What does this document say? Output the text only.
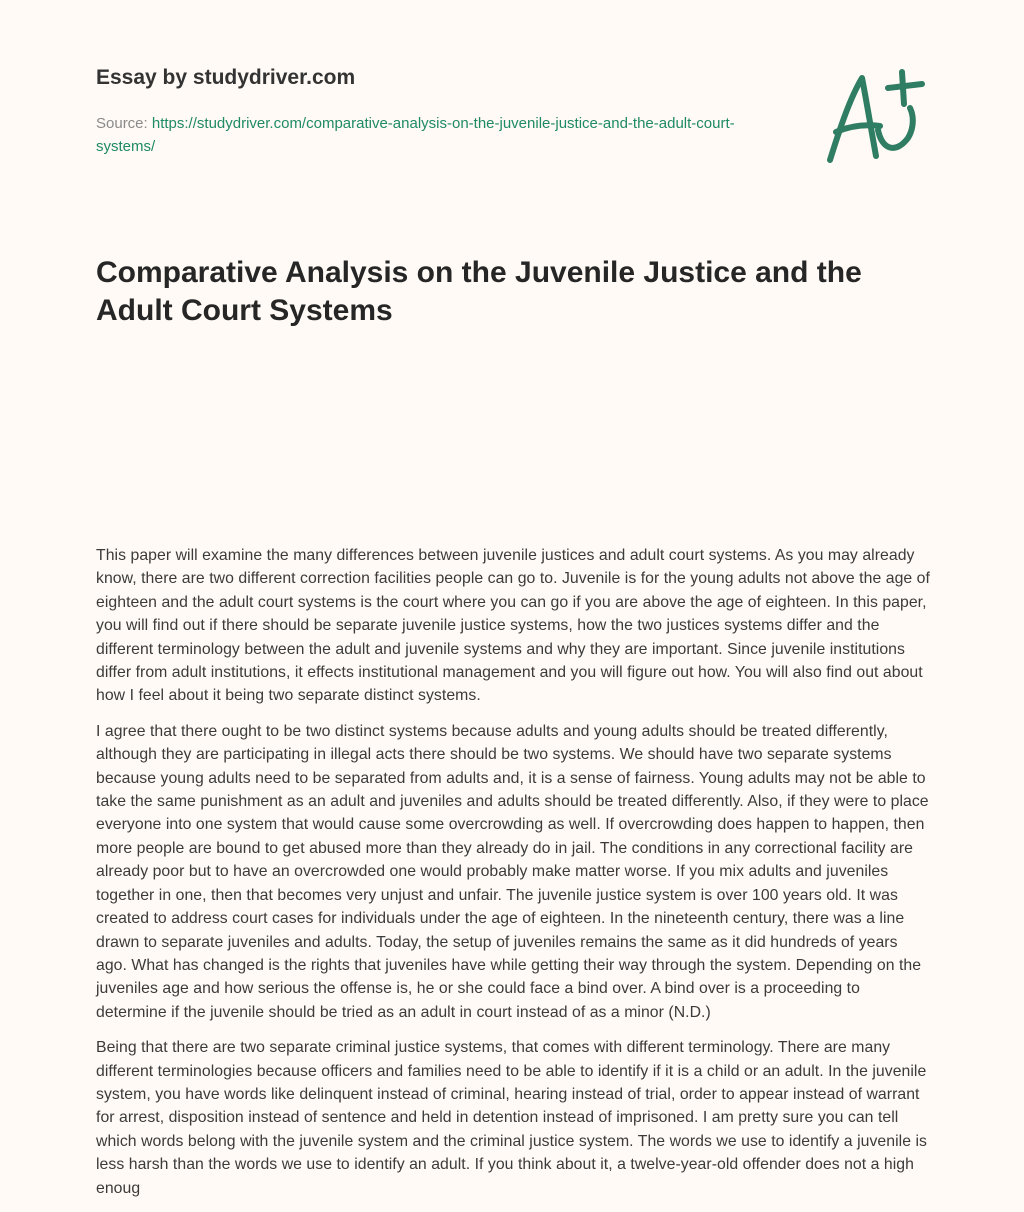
Essay by studydriver.com
Source: https://studydriver.com/comparative-analysis-on-the-juvenile-justice-and-the-adult-court-systems/
Comparative Analysis on the Juvenile Justice and the Adult Court Systems

This paper will examine the many differences between juvenile justices and adult court systems. As you may already know, there are two different correction facilities people can go to. Juvenile is for the young adults not above the age of eighteen and the adult court systems is the court where you can go if you are above the age of eighteen. In this paper, you will find out if there should be separate juvenile justice systems, how the two justices systems differ and the different terminology between the adult and juvenile systems and why they are important. Since juvenile institutions differ from adult institutions, it effects institutional management and you will figure out how. You will also find out about how I feel about it being two separate distinct systems.

I agree that there ought to be two distinct systems because adults and young adults should be treated differently, although they are participating in illegal acts there should be two systems. We should have two separate systems because young adults need to be separated from adults and, it is a sense of fairness. Young adults may not be able to take the same punishment as an adult and juveniles and adults should be treated differently. Also, if they were to place everyone into one system that would cause some overcrowding as well. If overcrowding does happen to happen, then more people are bound to get abused more than they already do in jail. The conditions in any correctional facility are already poor but to have an overcrowded one would probably make matter worse. If you mix adults and juveniles together in one, then that becomes very unjust and unfair. The juvenile justice system is over 100 years old. It was created to address court cases for individuals under the age of eighteen. In the nineteenth century, there was a line drawn to separate juveniles and adults. Today, the setup of juveniles remains the same as it did hundreds of years ago. What has changed is the rights that juveniles have while getting their way through the system. Depending on the juveniles age and how serious the offense is, he or she could face a bind over. A bind over is a proceeding to determine if the juvenile should be tried as an adult in court instead of as a minor (N.D.)

Being that there are two separate criminal justice systems, that comes with different terminology. There are many different terminologies because officers and families need to be able to identify if it is a child or an adult. In the juvenile system, you have words like delinquent instead of criminal, hearing instead of trial, order to appear instead of warrant for arrest, disposition instead of sentence and held in detention instead of imprisoned. I am pretty sure you can tell which words belong with the juvenile system and the criminal justice system. The words we use to identify a juvenile is less harsh than the words we use to identify an adult. If you think about it, a twelve-year-old offender does not a high enoug
